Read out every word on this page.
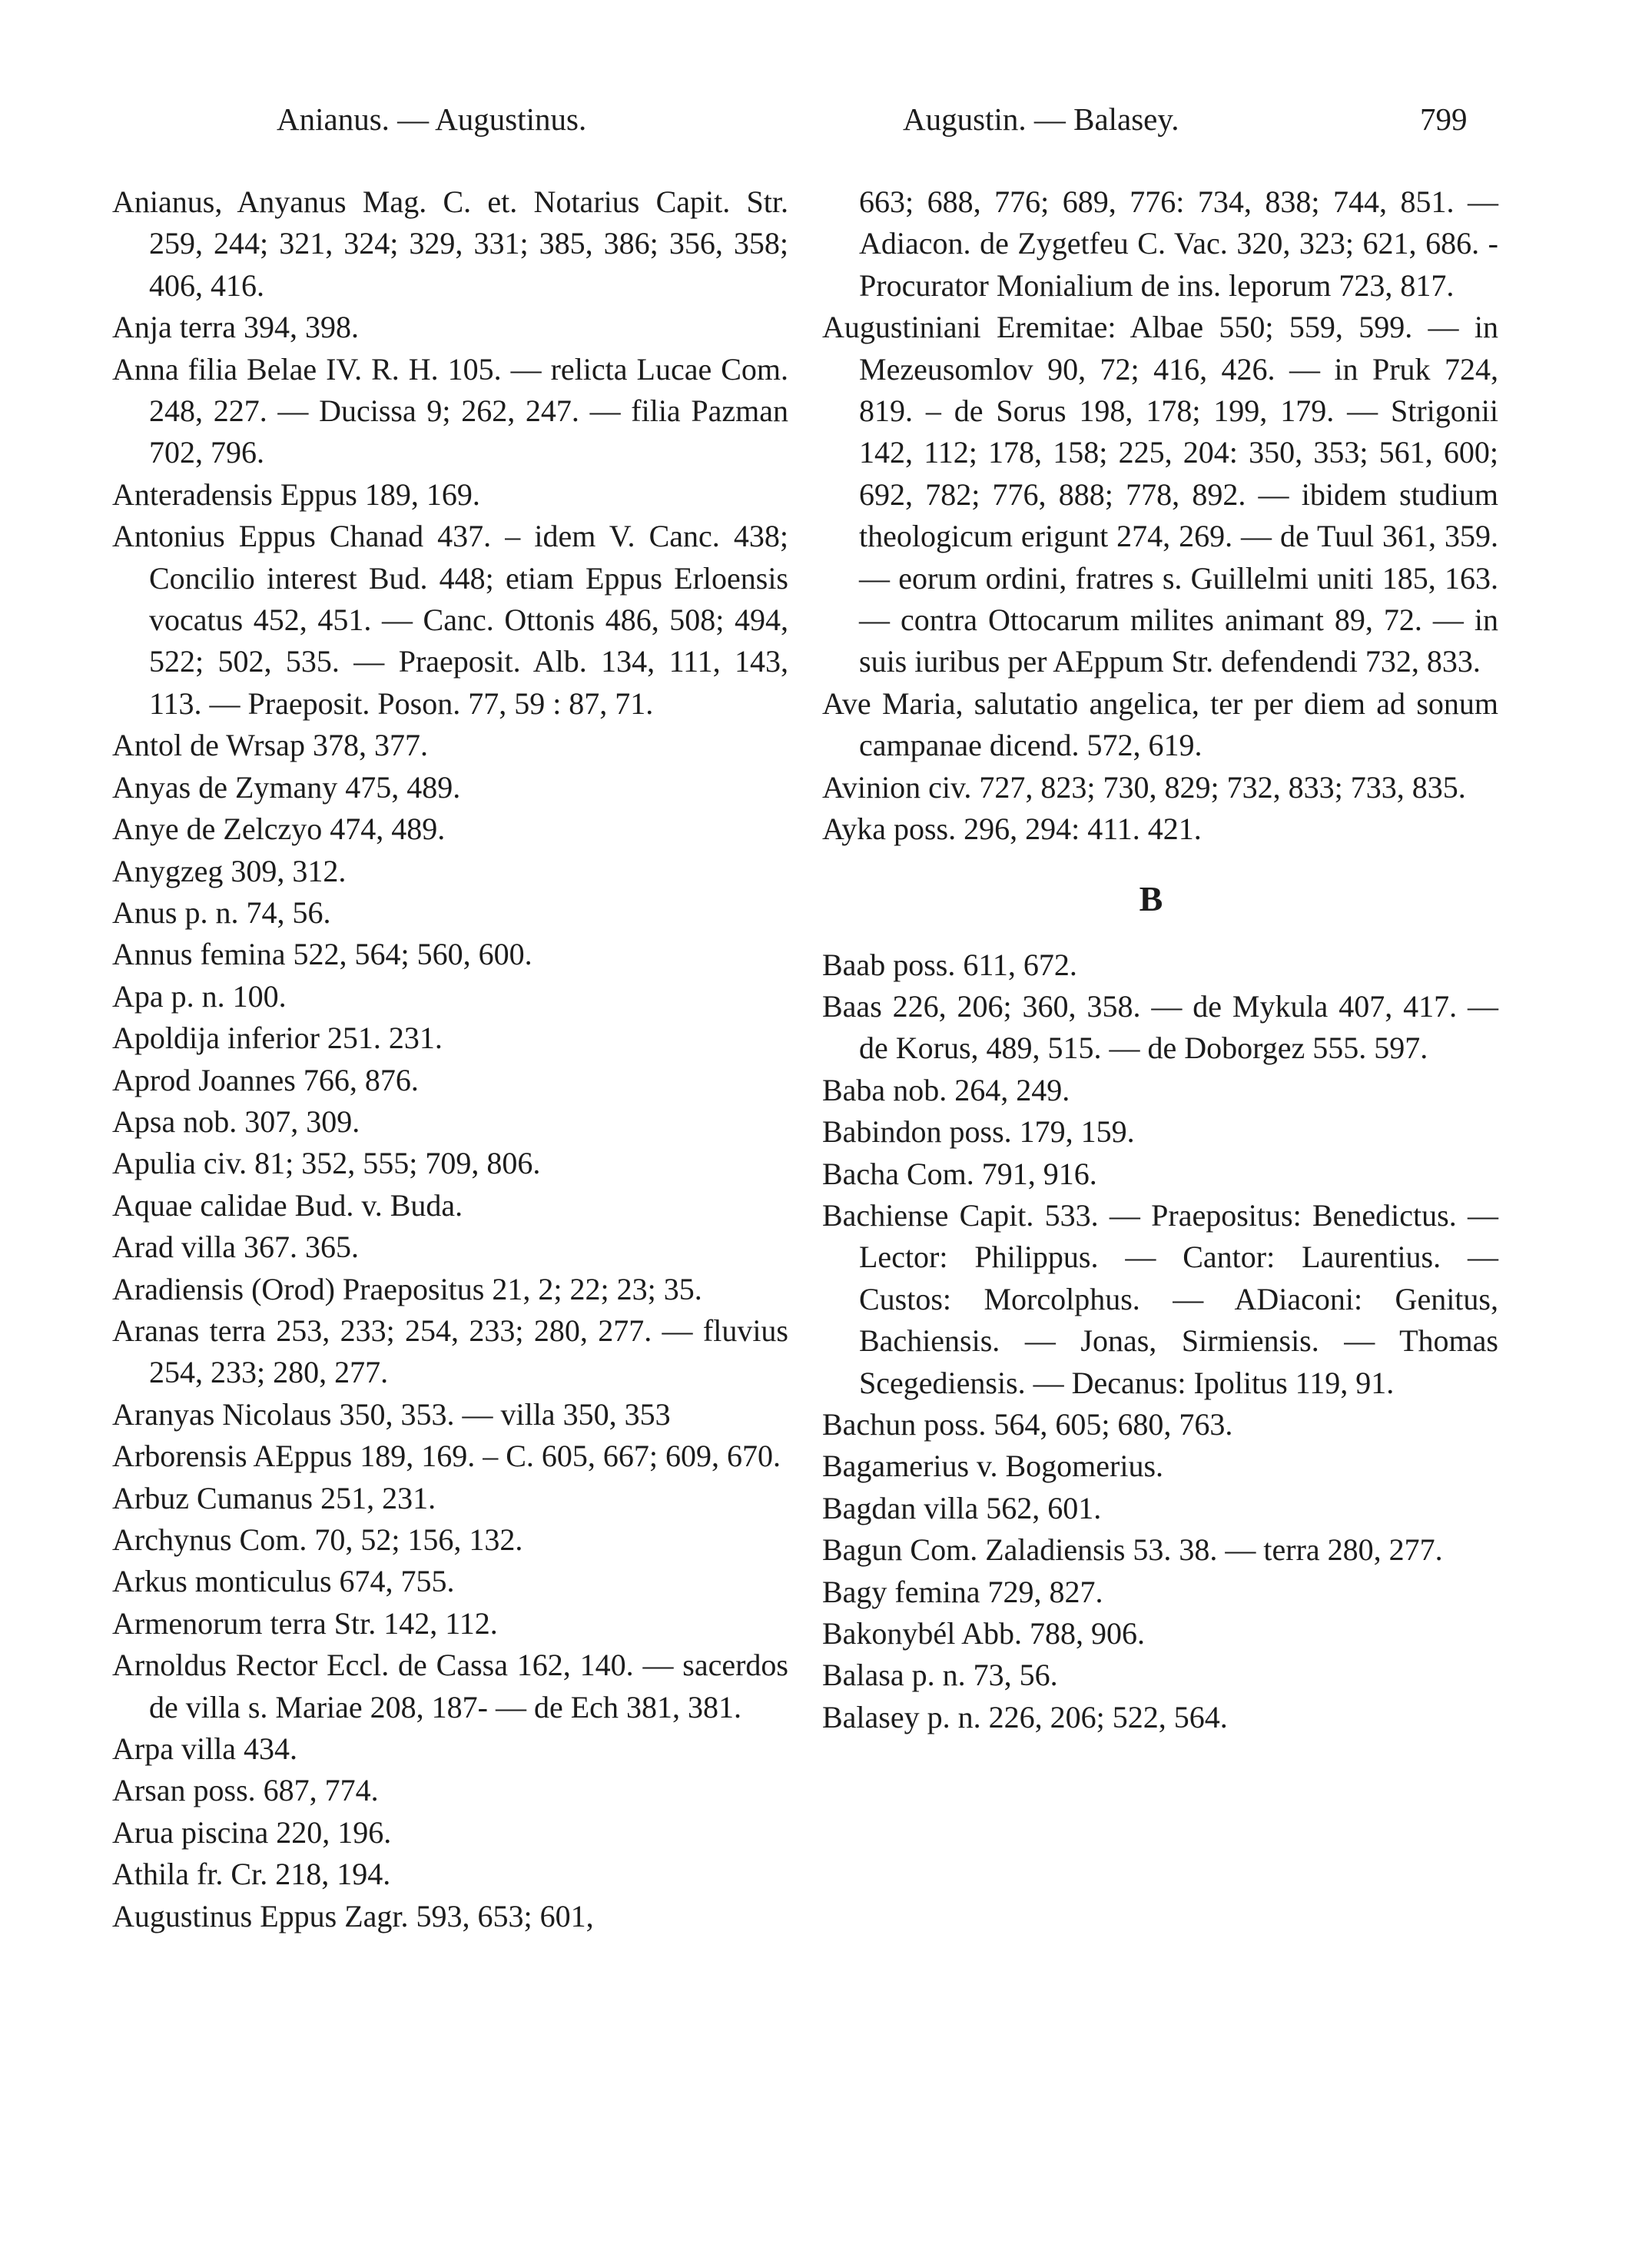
Anianus. — Augustinus.	Augustin. — Balasey.	799

Anianus, Anyanus Mag. C. et. Notarius Capit. Str. 259, 244; 321, 324; 329, 331; 385, 386; 356, 358; 406, 416.

Anja terra 394, 398.

Anna filia Belae IV. R. H. 105. — relicta Lucae Com. 248, 227. — Ducissa 9; 262, 247. — filia Pazman 702, 796.

Anteradensis Eppus 189, 169.

Antonius Eppus Chanad 437. – idem V. Canc. 438; Concilio interest Bud. 448; etiam Eppus Erloensis vocatus 452, 451. — Canc. Ottonis 486, 508; 494, 522; 502, 535. — Praeposit. Alb. 134, 111, 143, 113. — Praeposit. Poson. 77, 59 : 87, 71.

Antol de Wrsap 378, 377.

Anyas de Zymany 475, 489.

Anye de Zelczyo 474, 489.

Anygzeg 309, 312.

Anus p. n. 74, 56.

Annus femina 522, 564; 560, 600.

Apa p. n. 100.

Apoldija inferior 251. 231.

Aprod Joannes 766, 876.

Apsa nob. 307, 309.

Apulia civ. 81; 352, 555; 709, 806.

Aquae calidae Bud. v. Buda.

Arad villa 367. 365.

Aradiensis (Orod) Praepositus 21, 2; 22; 23; 35.

Aranas terra 253, 233; 254, 233; 280, 277. — fluvius 254, 233; 280, 277.

Aranyas Nicolaus 350, 353. — villa 350, 353

Arborensis AEppus 189, 169. – C. 605, 667; 609, 670.

Arbuz Cumanus 251, 231.

Archynus Com. 70, 52; 156, 132.

Arkus monticulus 674, 755.

Armenorum terra Str. 142, 112.

Arnoldus Rector Eccl. de Cassa 162, 140. — sacerdos de villa s. Mariae 208, 187- — de Ech 381, 381.

Arpa villa 434.

Arsan poss. 687, 774.

Arua piscina 220, 196.

Athila fr. Cr. 218, 194.

Augustinus Eppus Zagr. 593, 653; 601,

663; 688, 776; 689, 776: 734, 838; 744, 851. — Adiacon. de Zygetfeu C. Vac. 320, 323; 621, 686. - Procurator Monialium de ins. leporum 723, 817.

Augustiniani Eremitae: Albae 550; 559, 599. — in Mezeusomlov 90, 72; 416, 426. — in Pruk 724, 819. – de Sorus 198, 178; 199, 179. — Strigonii 142, 112; 178, 158; 225, 204: 350, 353; 561, 600; 692, 782; 776, 888; 778, 892. — ibidem studium theologicum erigunt 274, 269. — de Tuul 361, 359. — eorum ordini, fratres s. Guillelmi uniti 185, 163. — contra Ottocarum milites animant 89, 72. — in suis iuribus per AEppum Str. defendendi 732, 833.

Ave Maria, salutatio angelica, ter per diem ad sonum campanae dicend. 572, 619.

Avinion civ. 727, 823; 730, 829; 732, 833; 733, 835.

Ayka poss. 296, 294: 411. 421.

B

Baab poss. 611, 672.

Baas 226, 206; 360, 358. — de Mykula 407, 417. — de Korus, 489, 515. — de Doborgez 555. 597.

Baba nob. 264, 249.

Babindon poss. 179, 159.

Bacha Com. 791, 916.

Bachiense Capit. 533. — Praepositus: Benedictus. — Lector: Philippus. — Cantor: Laurentius. — Custos: Morcolphus. — ADiaconi: Genitus, Bachiensis. — Jonas, Sirmiensis. — Thomas Scegediensis. — Decanus: Ipolitus 119, 91.

Bachun poss. 564, 605; 680, 763.

Bagamerius v. Bogomerius.

Bagdan villa 562, 601.

Bagun Com. Zaladiensis 53. 38. — terra 280, 277.

Bagy femina 729, 827.

Bakonybél Abb. 788, 906.

Balasa p. n. 73, 56.

Balasey p. n. 226, 206; 522, 564.
